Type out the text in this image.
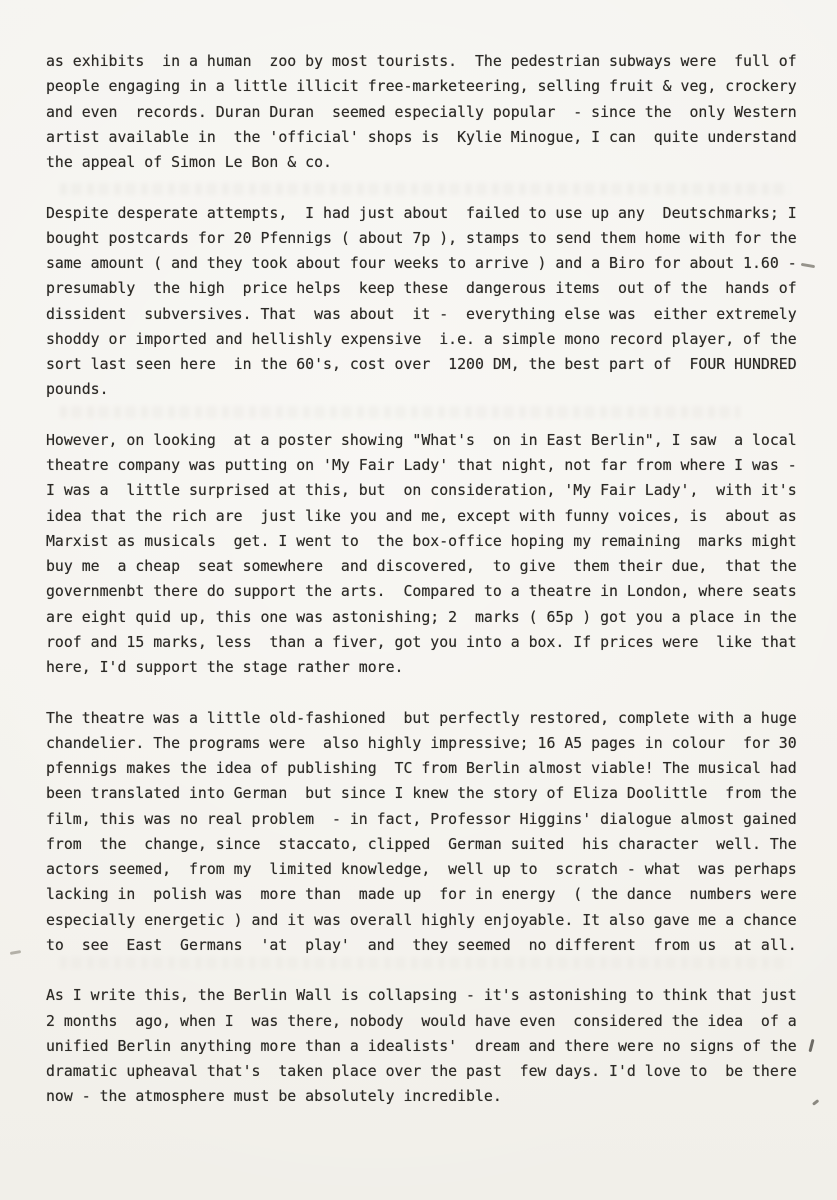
as exhibits  in a human  zoo by most tourists.  The pedestrian subways were  full of
people engaging in a little illicit free-marketeering, selling fruit & veg, crockery
and even  records. Duran Duran  seemed especially popular  - since the  only Western
artist available in  the 'official' shops is  Kylie Minogue, I can  quite understand
the appeal of Simon Le Bon & co.

Despite desperate attempts,  I had just about  failed to use up any  Deutschmarks; I
bought postcards for 20 Pfennigs ( about 7p ), stamps to send them home with for the
same amount ( and they took about four weeks to arrive ) and a Biro for about 1.60 -
presumably  the high  price helps  keep these  dangerous items  out of the  hands of
dissident  subversives. That  was about  it -  everything else was  either extremely
shoddy or imported and hellishly expensive  i.e. a simple mono record player, of the
sort last seen here  in the 60's, cost over  1200 DM, the best part of  FOUR HUNDRED
pounds.

However, on looking  at a poster showing "What's  on in East Berlin", I saw  a local
theatre company was putting on 'My Fair Lady' that night, not far from where I was -
I was a  little surprised at this, but  on consideration, 'My Fair Lady',  with it's
idea that the rich are  just like you and me, except with funny voices, is  about as
Marxist as musicals  get. I went to  the box-office hoping my remaining  marks might
buy me  a cheap  seat somewhere  and discovered,  to give  them their due,  that the
governmenbt there do support the arts.  Compared to a theatre in London, where seats
are eight quid up, this one was astonishing; 2  marks ( 65p ) got you a place in the
roof and 15 marks, less  than a fiver, got you into a box. If prices were  like that
here, I'd support the stage rather more.

The theatre was a little old-fashioned  but perfectly restored, complete with a huge
chandelier. The programs were  also highly impressive; 16 A5 pages in colour  for 30
pfennigs makes the idea of publishing  TC from Berlin almost viable! The musical had
been translated into German  but since I knew the story of Eliza Doolittle  from the
film, this was no real problem  - in fact, Professor Higgins' dialogue almost gained
from  the  change, since  staccato, clipped  German suited  his character  well. The
actors seemed,  from my  limited knowledge,  well up to  scratch - what  was perhaps
lacking in  polish was  more than  made up  for in energy  ( the dance  numbers were
especially energetic ) and it was overall highly enjoyable. It also gave me a chance
to  see  East  Germans  'at  play'  and  they seemed  no different  from us  at all.

As I write this, the Berlin Wall is collapsing - it's astonishing to think that just
2 months  ago, when I  was there, nobody  would have even  considered the idea  of a
unified Berlin anything more than a idealists'  dream and there were no signs of the
dramatic upheaval that's  taken place over the past  few days. I'd love to  be there
now - the atmosphere must be absolutely incredible.
